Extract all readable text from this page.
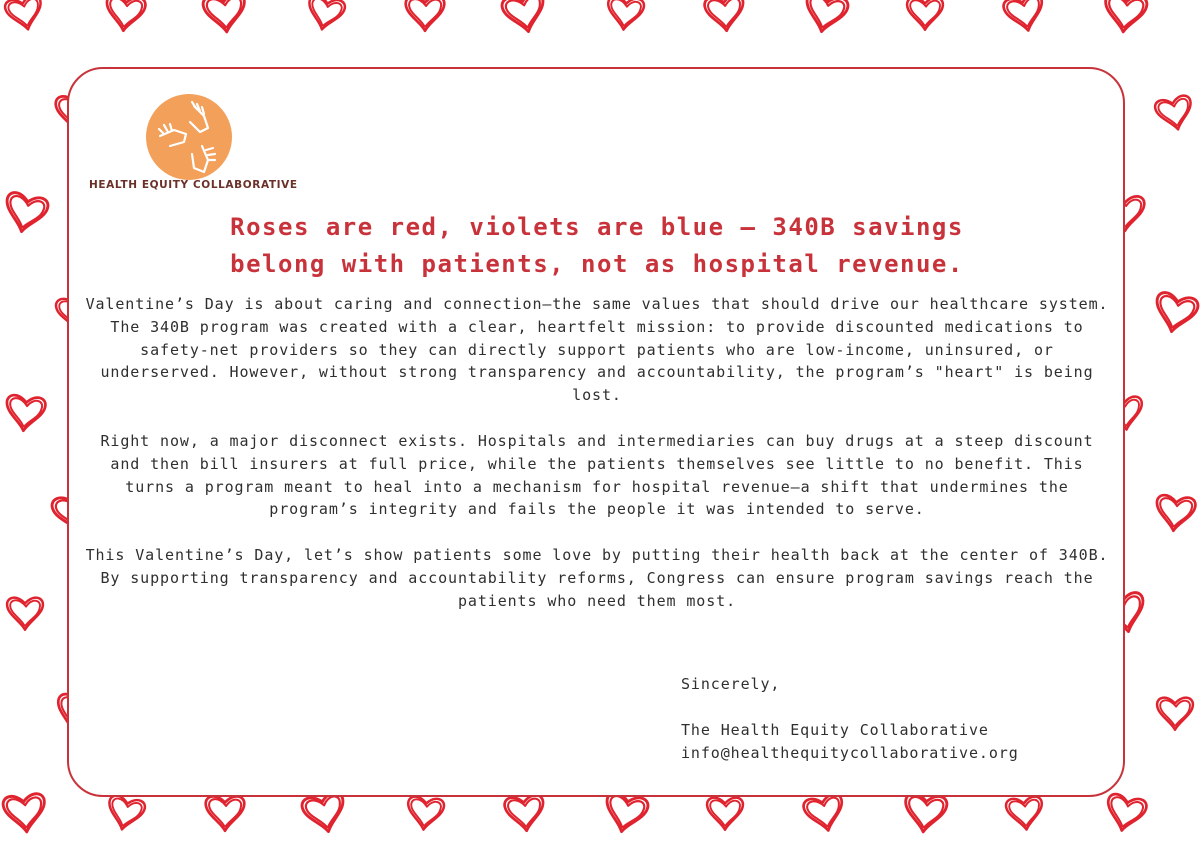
HEALTH EQUITY COLLABORATIVE
Roses are red, violets are blue — 340B savings
belong with patients, not as hospital revenue.

Valentine’s Day is about caring and connection—the same values that should drive our healthcare system. The 340B program was created with a clear, heartfelt mission: to provide discounted medications to safety-net providers so they can directly support patients who are low-income, uninsured, or underserved. However, without strong transparency and accountability, the program’s "heart" is being lost.

Right now, a major disconnect exists. Hospitals and intermediaries can buy drugs at a steep discount and then bill insurers at full price, while the patients themselves see little to no benefit. This turns a program meant to heal into a mechanism for hospital revenue—a shift that undermines the program’s integrity and fails the people it was intended to serve.

This Valentine’s Day, let’s show patients some love by putting their health back at the center of 340B. By supporting transparency and accountability reforms, Congress can ensure program savings reach the patients who need them most.

Sincerely,
The Health Equity Collaborative
info@healthequitycollaborative.org
